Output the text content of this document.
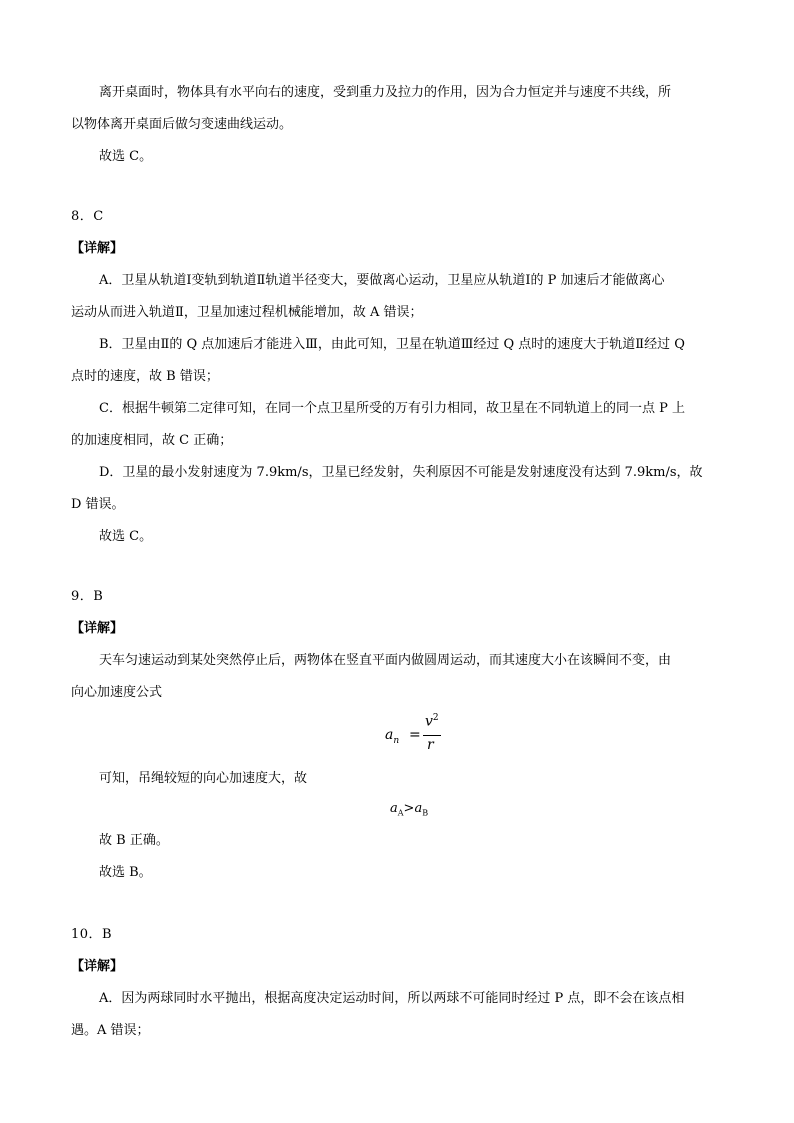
离开桌面时，物体具有水平向右的速度，受到重力及拉力的作用，因为合力恒定并与速度不共线，所
以物体离开桌面后做匀变速曲线运动。
故选 C。
8．C
【详解】
A．卫星从轨道Ⅰ变轨到轨道Ⅱ轨道半径变大，要做离心运动，卫星应从轨道Ⅰ的 P 加速后才能做离心
运动从而进入轨道Ⅱ，卫星加速过程机械能增加，故 A 错误；
B．卫星由Ⅱ的 Q 点加速后才能进入Ⅲ，由此可知，卫星在轨道Ⅲ经过 Q 点时的速度大于轨道Ⅱ经过 Q
点时的速度，故 B 错误；
C．根据牛顿第二定律可知，在同一个点卫星所受的万有引力相同，故卫星在不同轨道上的同一点 P 上
的加速度相同，故 C 正确；
D．卫星的最小发射速度为 7.9km/s，卫星已经发射，失利原因不可能是发射速度没有达到 7.9km/s，故
D 错误。
故选 C。
9．B
【详解】
天车匀速运动到某处突然停止后，两物体在竖直平面内做圆周运动，而其速度大小在该瞬间不变，由
向心加速度公式
$a_n$ =
$v^2$
r
可知，吊绳较短的向心加速度大，故
$a_A>a_B$
故 B 正确。
故选 B。
10．B
【详解】
A．因为两球同时水平抛出，根据高度决定运动时间，所以两球不可能同时经过 P 点，即不会在该点相
遇。A 错误；
